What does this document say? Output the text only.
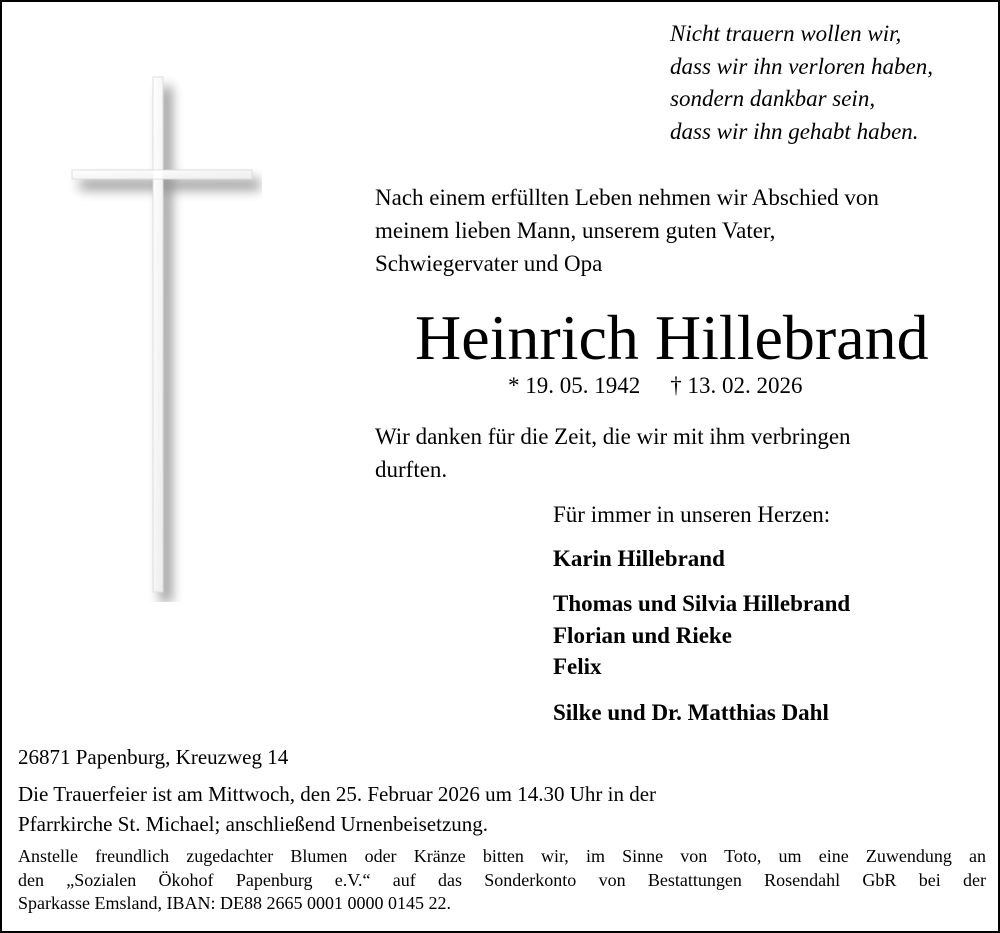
Nicht trauern wollen wir,
dass wir ihn verloren haben,
sondern dankbar sein,
dass wir ihn gehabt haben.
Nach einem erfüllten Leben nehmen wir Abschied von
meinem lieben Mann, unserem guten Vater,
Schwiegervater und Opa
Heinrich Hillebrand
* 19. 05. 1942 † 13. 02. 2026
Wir danken für die Zeit, die wir mit ihm verbringen
durften.
Für immer in unseren Herzen:
Karin Hillebrand
Thomas und Silvia Hillebrand
Florian und Rieke
Felix
Silke und Dr. Matthias Dahl
26871 Papenburg, Kreuzweg 14
Die Trauerfeier ist am Mittwoch, den 25. Februar 2026 um 14.30 Uhr in der
Pfarrkirche St. Michael; anschließend Urnenbeisetzung.
Anstelle freundlich zugedachter Blumen oder Kränze bitten wir, im Sinne von Toto, um eine Zuwendung an
den „Sozialen Ökohof Papenburg e.V.“ auf das Sonderkonto von Bestattungen Rosendahl GbR bei der
Sparkasse Emsland, IBAN: DE88 2665 0001 0000 0145 22.
